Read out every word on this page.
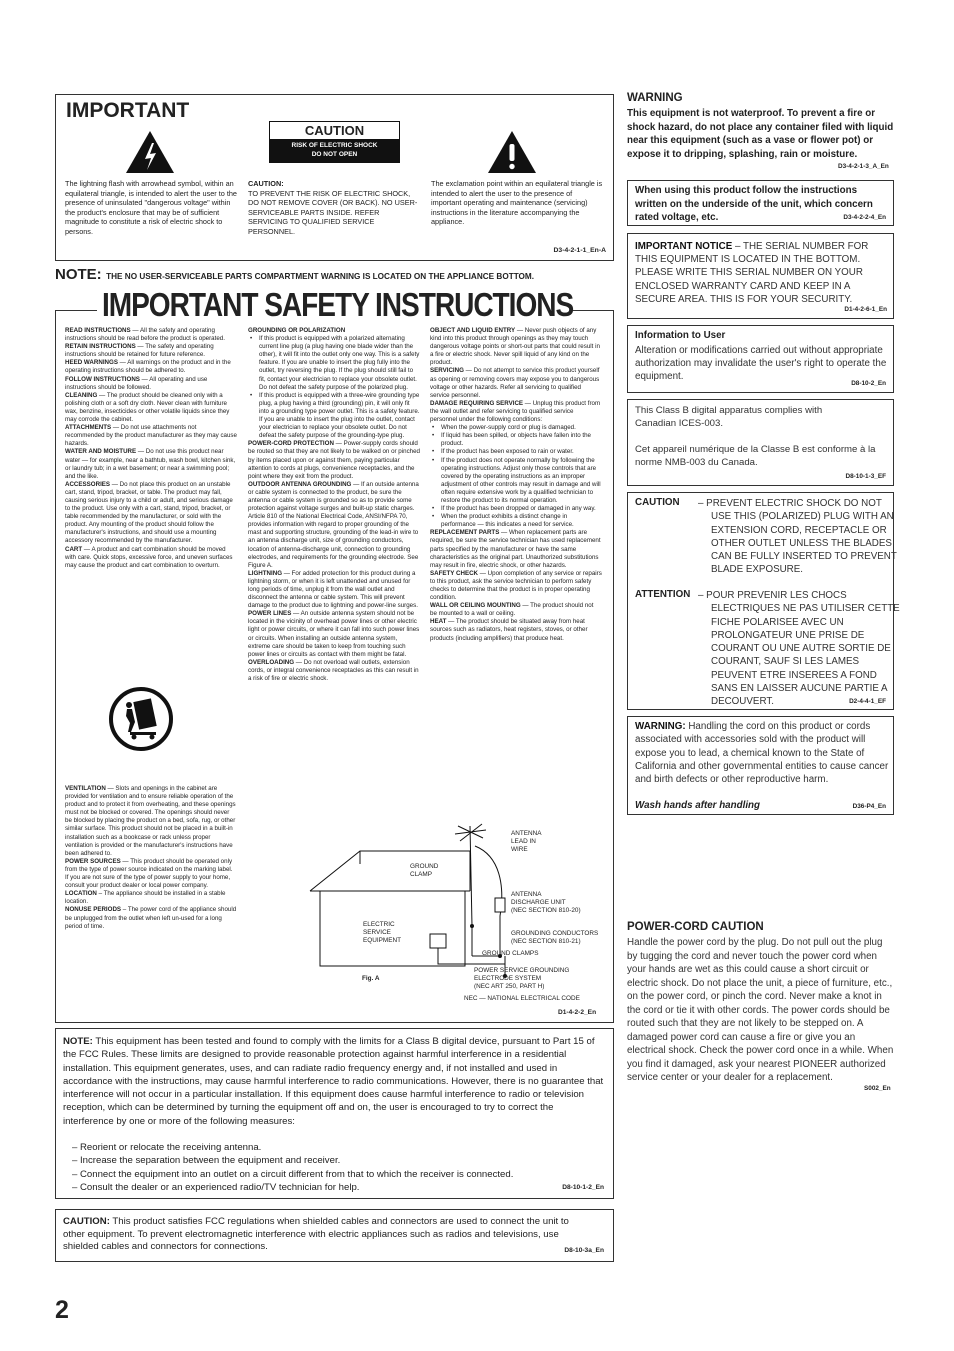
IMPORTANT
CAUTION
RISK OF ELECTRIC SHOCK
DO NOT OPEN
The lightning flash with arrowhead symbol, within an equilateral triangle, is intended to alert the user to the presence of uninsulated "dangerous voltage" within the product's enclosure that may be of sufficient magnitude to constitute a risk of electric shock to persons.
CAUTION:
TO PREVENT THE RISK OF ELECTRIC SHOCK, DO NOT REMOVE COVER (OR BACK). NO USER-SERVICEABLE PARTS INSIDE. REFER SERVICING TO QUALIFIED SERVICE PERSONNEL.
The exclamation point within an equilateral triangle is intended to alert the user to the presence of important operating and maintenance (servicing) instructions in the literature accompanying the appliance.
D3-4-2-1-1_En-A
NOTE: THE NO USER-SERVICEABLE PARTS COMPARTMENT WARNING IS LOCATED ON THE APPLIANCE BOTTOM.
IMPORTANT SAFETY INSTRUCTIONS
READ INSTRUCTIONS — All the safety and operating instructions should be read before the product is operated.
RETAIN INSTRUCTIONS — The safety and operating instructions should be retained for future reference.
HEED WARNINGS — All warnings on the product and in the operating instructions should be adhered to.
FOLLOW INSTRUCTIONS — All operating and use instructions should be followed.
CLEANING — The product should be cleaned only with a polishing cloth or a soft dry cloth. Never clean with furniture wax, benzine, insecticides or other volatile liquids since they may corrode the cabinet.
ATTACHMENTS — Do not use attachments not recommended by the product manufacturer as they may cause hazards.
WATER AND MOISTURE — Do not use this product near water — for example, near a bathtub, wash bowl, kitchen sink, or laundry tub; in a wet basement; or near a swimming pool; and the like.
ACCESSORIES — Do not place this product on an unstable cart, stand, tripod, bracket, or table. The product may fall, causing serious injury to a child or adult, and serious damage to the product. Use only with a cart, stand, tripod, bracket, or table recommended by the manufacturer, or sold with the product. Any mounting of the product should follow the manufacturer's instructions, and should use a mounting accessory recommended by the manufacturer.
CART — A product and cart combination should be moved with care. Quick stops, excessive force, and uneven surfaces may cause the product and cart combination to overturn.
VENTILATION — Slots and openings in the cabinet are provided for ventilation and to ensure reliable operation of the product and to protect it from overheating, and these openings must not be blocked or covered. The openings should never be blocked by placing the product on a bed, sofa, rug, or other similar surface. This product should not be placed in a built-in installation such as a bookcase or rack unless proper ventilation is provided or the manufacturer's instructions have been adhered to.
POWER SOURCES — This product should be operated only from the type of power source indicated on the marking label. If you are not sure of the type of power supply to your home, consult your product dealer or local power company.
LOCATION – The appliance should be installed in a stable location.
NONUSE PERIODS – The power cord of the appliance should be unplugged from the outlet when left un-used for a long period of time.
GROUNDING OR POLARIZATION
• If this product is equipped with a polarized alternating current line plug (a plug having one blade wider than the other), it will fit into the outlet only one way. This is a safety feature. If you are unable to insert the plug fully into the outlet, try reversing the plug. If the plug should still fail to fit, contact your electrician to replace your obsolete outlet. Do not defeat the safety purpose of the polarized plug.
• If this product is equipped with a three-wire grounding type plug, a plug having a third (grounding) pin, it will only fit into a grounding type power outlet. This is a safety feature. If you are unable to insert the plug into the outlet, contact your electrician to replace your obsolete outlet. Do not defeat the safety purpose of the grounding-type plug.
POWER-CORD PROTECTION — Power-supply cords should be routed so that they are not likely to be walked on or pinched by items placed upon or against them, paying particular attention to cords at plugs, convenience receptacles, and the point where they exit from the product.
OUTDOOR ANTENNA GROUNDING — If an outside antenna or cable system is connected to the product, be sure the antenna or cable system is grounded so as to provide some protection against voltage surges and built-up static charges. Article 810 of the National Electrical Code, ANSI/NFPA 70, provides information with regard to proper grounding of the mast and supporting structure, grounding of the lead-in wire to an antenna discharge unit, size of grounding conductors, location of antenna-discharge unit, connection to grounding electrodes, and requirements for the grounding electrode. See Figure A.
LIGHTNING — For added protection for this product during a lightning storm, or when it is left unattended and unused for long periods of time, unplug it from the wall outlet and disconnect the antenna or cable system. This will prevent damage to the product due to lightning and power-line surges.
POWER LINES — An outside antenna system should not be located in the vicinity of overhead power lines or other electric light or power circuits, or where it can fall into such power lines or circuits. When installing an outside antenna system, extreme care should be taken to keep from touching such power lines or circuits as contact with them might be fatal.
OVERLOADING — Do not overload wall outlets, extension cords, or integral convenience receptacles as this can result in a risk of fire or electric shock.
OBJECT AND LIQUID ENTRY — Never push objects of any kind into this product through openings as they may touch dangerous voltage points or short-out parts that could result in a fire or electric shock. Never spill liquid of any kind on the product.
SERVICING — Do not attempt to service this product yourself as opening or removing covers may expose you to dangerous voltage or other hazards. Refer all servicing to qualified service personnel.
DAMAGE REQUIRING SERVICE — Unplug this product from the wall outlet and refer servicing to qualified service personnel under the following conditions:
• When the power-supply cord or plug is damaged.
• If liquid has been spilled, or objects have fallen into the product.
• If the product has been exposed to rain or water.
• If the product does not operate normally by following the operating instructions. Adjust only those controls that are covered by the operating instructions as an improper adjustment of other controls may result in damage and will often require extensive work by a qualified technician to restore the product to its normal operation.
• If the product has been dropped or damaged in any way.
• When the product exhibits a distinct change in performance — this indicates a need for service.
REPLACEMENT PARTS — When replacement parts are required, be sure the service technician has used replacement parts specified by the manufacturer or have the same characteristics as the original part. Unauthorized substitutions may result in fire, electric shock, or other hazards.
SAFETY CHECK — Upon completion of any service or repairs to this product, ask the service technician to perform safety checks to determine that the product is in proper operating condition.
WALL OR CEILING MOUNTING — The product should not be mounted to a wall or ceiling.
HEAT — The product should be situated away from heat sources such as radiators, heat registers, stoves, or other products (including amplifiers) that produce heat.
ANTENNA
LEAD IN
WIRE
GROUND
CLAMP
ANTENNA
DISCHARGE UNIT
(NEC SECTION 810-20)
ELECTRIC
SERVICE
EQUIPMENT
GROUNDING CONDUCTORS
(NEC SECTION 810-21)
GROUND CLAMPS
POWER SERVICE GROUNDING
ELECTRODE SYSTEM
(NEC ART 250, PART H)
Fig. A
NEC — NATIONAL ELECTRICAL CODE
D1-4-2-2_En
NOTE: This equipment has been tested and found to comply with the limits for a Class B digital device, pursuant to Part 15 of the FCC Rules. These limits are designed to provide reasonable protection against harmful interference in a residential installation. This equipment generates, uses, and can radiate radio frequency energy and, if not installed and used in accordance with the instructions, may cause harmful interference to radio communications. However, there is no guarantee that interference will not occur in a particular installation. If this equipment does cause harmful interference to radio or television reception, which can be determined by turning the equipment off and on, the user is encouraged to try to correct the interference by one or more of the following measures:
– Reorient or relocate the receiving antenna.
– Increase the separation between the equipment and receiver.
– Connect the equipment into an outlet on a circuit different from that to which the receiver is connected.
– Consult the dealer or an experienced radio/TV technician for help.	D8-10-1-2_En
CAUTION: This product satisfies FCC regulations when shielded cables and connectors are used to connect the unit to other equipment. To prevent electromagnetic interference with electric appliances such as radios and televisions, use shielded cables and connectors for connections.	D8-10-3a_En
2
WARNING
This equipment is not waterproof. To prevent a fire or shock hazard, do not place any container filed with liquid near this equipment (such as a vase or flower pot) or expose it to dripping, splashing, rain or moisture.
D3-4-2-1-3_A_En
When using this product follow the instructions written on the underside of the unit, which concern rated voltage, etc.	D3-4-2-2-4_En
IMPORTANT NOTICE – THE SERIAL NUMBER FOR THIS EQUIPMENT IS LOCATED IN THE BOTTOM. PLEASE WRITE THIS SERIAL NUMBER ON YOUR ENCLOSED WARRANTY CARD AND KEEP IN A SECURE AREA. THIS IS FOR YOUR SECURITY.
D1-4-2-6-1_En
Information to User
Alteration or modifications carried out without appropriate authorization may invalidate the user's right to operate the equipment.
D8-10-2_En
This Class B digital apparatus complies with Canadian ICES-003.
Cet appareil numérique de la Classe B est conforme à la norme NMB-003 du Canada.
D8-10-1-3_EF
CAUTION – PREVENT ELECTRIC SHOCK DO NOT USE THIS (POLARIZED) PLUG WITH AN EXTENSION CORD, RECEPTACLE OR OTHER OUTLET UNLESS THE BLADES CAN BE FULLY INSERTED TO PREVENT BLADE EXPOSURE.
ATTENTION – POUR PREVENIR LES CHOCS ELECTRIQUES NE PAS UTILISER CETTE FICHE POLARISEE AVEC UN PROLONGATEUR UNE PRISE DE COURANT OU UNE AUTRE SORTIE DE COURANT, SAUF SI LES LAMES PEUVENT ETRE INSEREES A FOND SANS EN LAISSER AUCUNE PARTIE A DECOUVERT.	D2-4-4-1_EF
WARNING: Handling the cord on this product or cords associated with accessories sold with the product will expose you to lead, a chemical known to the State of California and other governmental entities to cause cancer and birth defects or other reproductive harm.
Wash hands after handling	D36-P4_En
POWER-CORD CAUTION
Handle the power cord by the plug. Do not pull out the plug by tugging the cord and never touch the power cord when your hands are wet as this could cause a short circuit or electric shock. Do not place the unit, a piece of furniture, etc., on the power cord, or pinch the cord. Never make a knot in the cord or tie it with other cords. The power cords should be routed such that they are not likely to be stepped on. A damaged power cord can cause a fire or give you an electrical shock. Check the power cord once in a while. When you find it damaged, ask your nearest PIONEER authorized service center or your dealer for a replacement.
S002_En
